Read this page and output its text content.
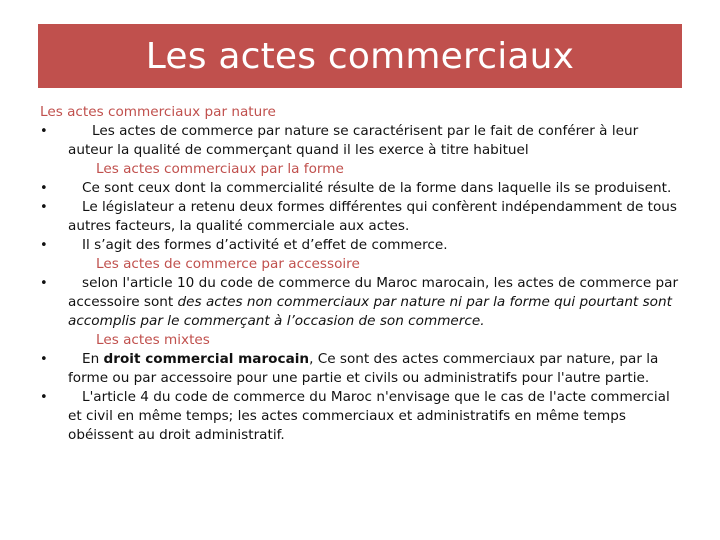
Les actes commerciaux

Les actes commerciaux par nature

•	Les actes de commerce par nature se caractérisent par le fait de conférer à leur auteur la qualité de commerçant quand il les exerce à titre habituel

Les actes commerciaux par la forme

•	Ce sont ceux dont la commercialité résulte de la forme dans laquelle ils se produisent.

•	Le législateur a retenu deux formes différentes qui confèrent indépendamment de tous autres facteurs, la qualité commerciale aux actes.

•	Il s’agit des formes d’activité et d’effet de commerce.

Les actes de commerce par accessoire

•	selon l'article 10 du code de commerce du Maroc marocain, les actes de commerce par accessoire sont des actes non commerciaux par nature ni par la forme qui pourtant sont accomplis par le commerçant à l’occasion de son commerce.

Les actes mixtes

•	En droit commercial marocain, Ce sont des actes commerciaux par nature, par la forme ou par accessoire pour une partie et civils ou administratifs pour l'autre partie.

•	L'article 4 du code de commerce du Maroc n'envisage que le cas de l'acte commercial et civil en même temps; les actes commerciaux et administratifs en même temps obéissent au droit administratif.
